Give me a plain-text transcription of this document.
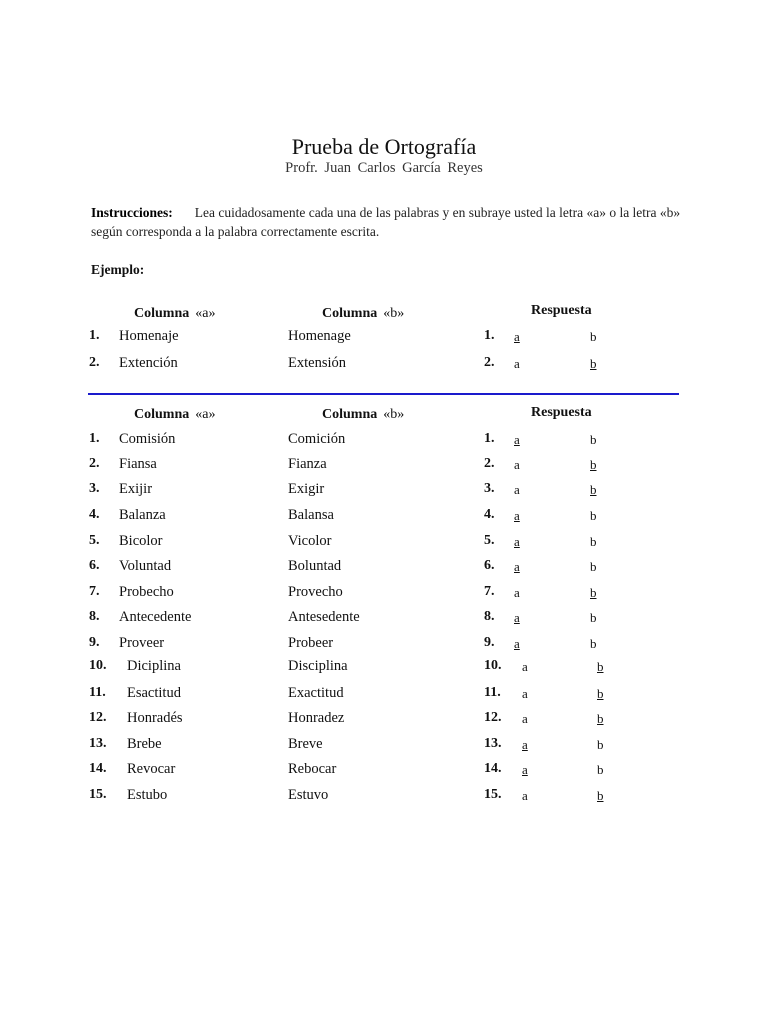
Prueba de Ortografía
Profr. Juan Carlos García Reyes
Instrucciones: Lea cuidadosamente cada una de las palabras y en subraye usted la letra «a» o la letra «b» según corresponda a la palabra correctamente escrita.
Ejemplo:
Columna «a»	Columna «b»	Respuesta
1. Homenaje	Homenage	1. a	b
2. Extención	Extensión	2. a	b
Columna «a»	Columna «b»	Respuesta
1. Comisión	Comición	1. a	b
2. Fiansa	Fianza	2. a	b
3. Exijir	Exigir	3. a	b
4. Balanza	Balansa	4. a	b
5. Bicolor	Vicolor	5. a	b
6. Voluntad	Boluntad	6. a	b
7. Probecho	Provecho	7. a	b
8. Antecedente	Antesedente	8. a	b
9. Proveer	Probeer	9. a	b
10. Diciplina	Disciplina	10. a	b
11. Esactitud	Exactitud	11. a	b
12. Honradés	Honradez	12. a	b
13. Brebe	Breve	13. a	b
14. Revocar	Rebocar	14. a	b
15. Estubo	Estuvo	15. a	b
